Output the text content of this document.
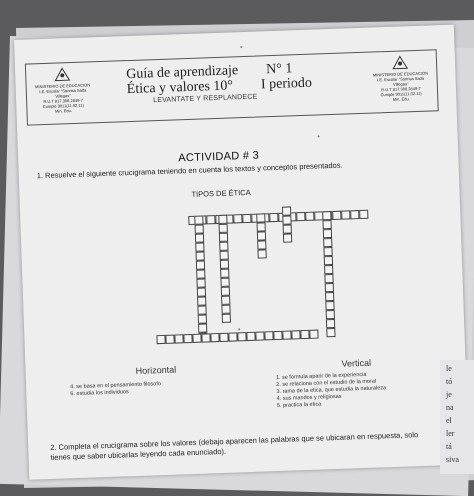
MINISTERIO DE EDUCACION
I.E. Escolar "Sonrisa Sada Villegas"
R.U.T 817.306.2849-7
Cumple 9011(11.02.11)
Min. Edu.
Guía de aprendizaje N° 1
Ética y valores 10° I periodo
LEVANTATE Y RESPLANDECE
MINISTERIO DE EDUCACION
I.E. Escolar "Sonrisa Sada Villegas"
R.U.T 817.306.2849-7
Cumple 9011(11.02.11)
Min. Edu.
ACTIVIDAD # 3
1. Resuelve el siguiente crucigrama teniendo en cuenta los textos y conceptos presentados.
TIPOS DE ÉTICA
Horizontal
Vertical
4. se basa en el pensamiento filosofo
6. estudia los individuos
1. se formula aparir de la experiencia
2. se relaciona con el estudio de la moral
3. rama de la etica, que estudia la naturaleza
4. sus mandos y religiosas
5. practica la etica
2. Completa el crucigrama sobre los valores (debajo aparecen las palabras que se ubicaran en respuesta, solo tienes que saber ubicarlas leyendo cada enunciado).
le
tó
je
na
el
ler
tá
siva
